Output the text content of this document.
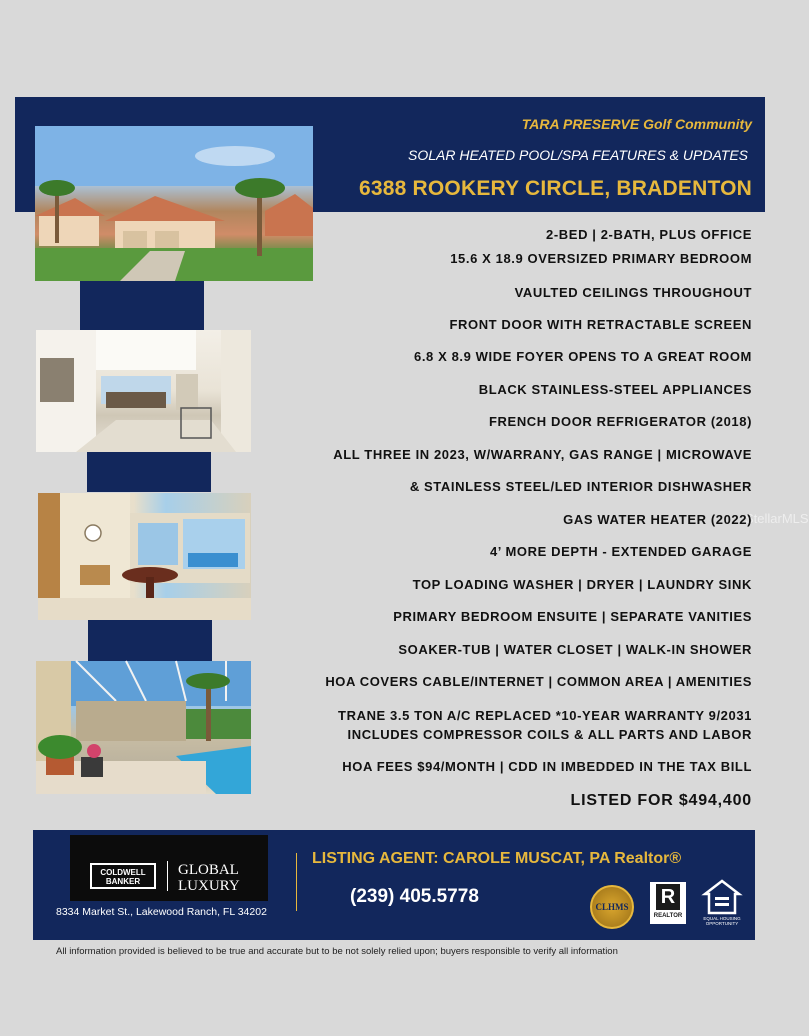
TARA PRESERVE Golf Community
SOLAR HEATED POOL/SPA FEATURES & UPDATES
6388 ROOKERY CIRCLE, BRADENTON
StellarMLS
2-BED | 2-BATH, PLUS OFFICE
15.6 X 18.9 OVERSIZED PRIMARY BEDROOM
VAULTED CEILINGS THROUGHOUT
FRONT DOOR WITH RETRACTABLE SCREEN
6.8 X 8.9 WIDE FOYER OPENS TO A GREAT ROOM
BLACK STAINLESS-STEEL APPLIANCES
FRENCH DOOR REFRIGERATOR (2018)
ALL THREE IN 2023, W/WARRANY, GAS RANGE | MICROWAVE
& STAINLESS STEEL/LED INTERIOR DISHWASHER
GAS WATER HEATER (2022)
4’ MORE DEPTH - EXTENDED GARAGE
TOP LOADING WASHER | DRYER | LAUNDRY SINK
PRIMARY BEDROOM ENSUITE | SEPARATE VANITIES
SOAKER-TUB | WATER CLOSET | WALK-IN SHOWER
HOA COVERS CABLE/INTERNET | COMMON AREA | AMENITIES
TRANE 3.5 TON A/C REPLACED *10-YEAR WARRANTY 9/2031
INCLUDES COMPRESSOR COILS & ALL PARTS AND LABOR
HOA FEES $94/MONTH | CDD IN IMBEDDED IN THE TAX BILL
LISTED FOR $494,400
COLDWELL BANKER
GLOBAL LUXURY
8334 Market St., Lakewood Ranch, FL 34202
LISTING AGENT: CAROLE MUSCAT, PA Realtor®
(239) 405.5778	CLHMS R
REALTOR	EQUAL HOUSING OPPORTUNITY
All information provided is believed to be true and accurate but to be not solely relied upon; buyers responsible to verify all information
